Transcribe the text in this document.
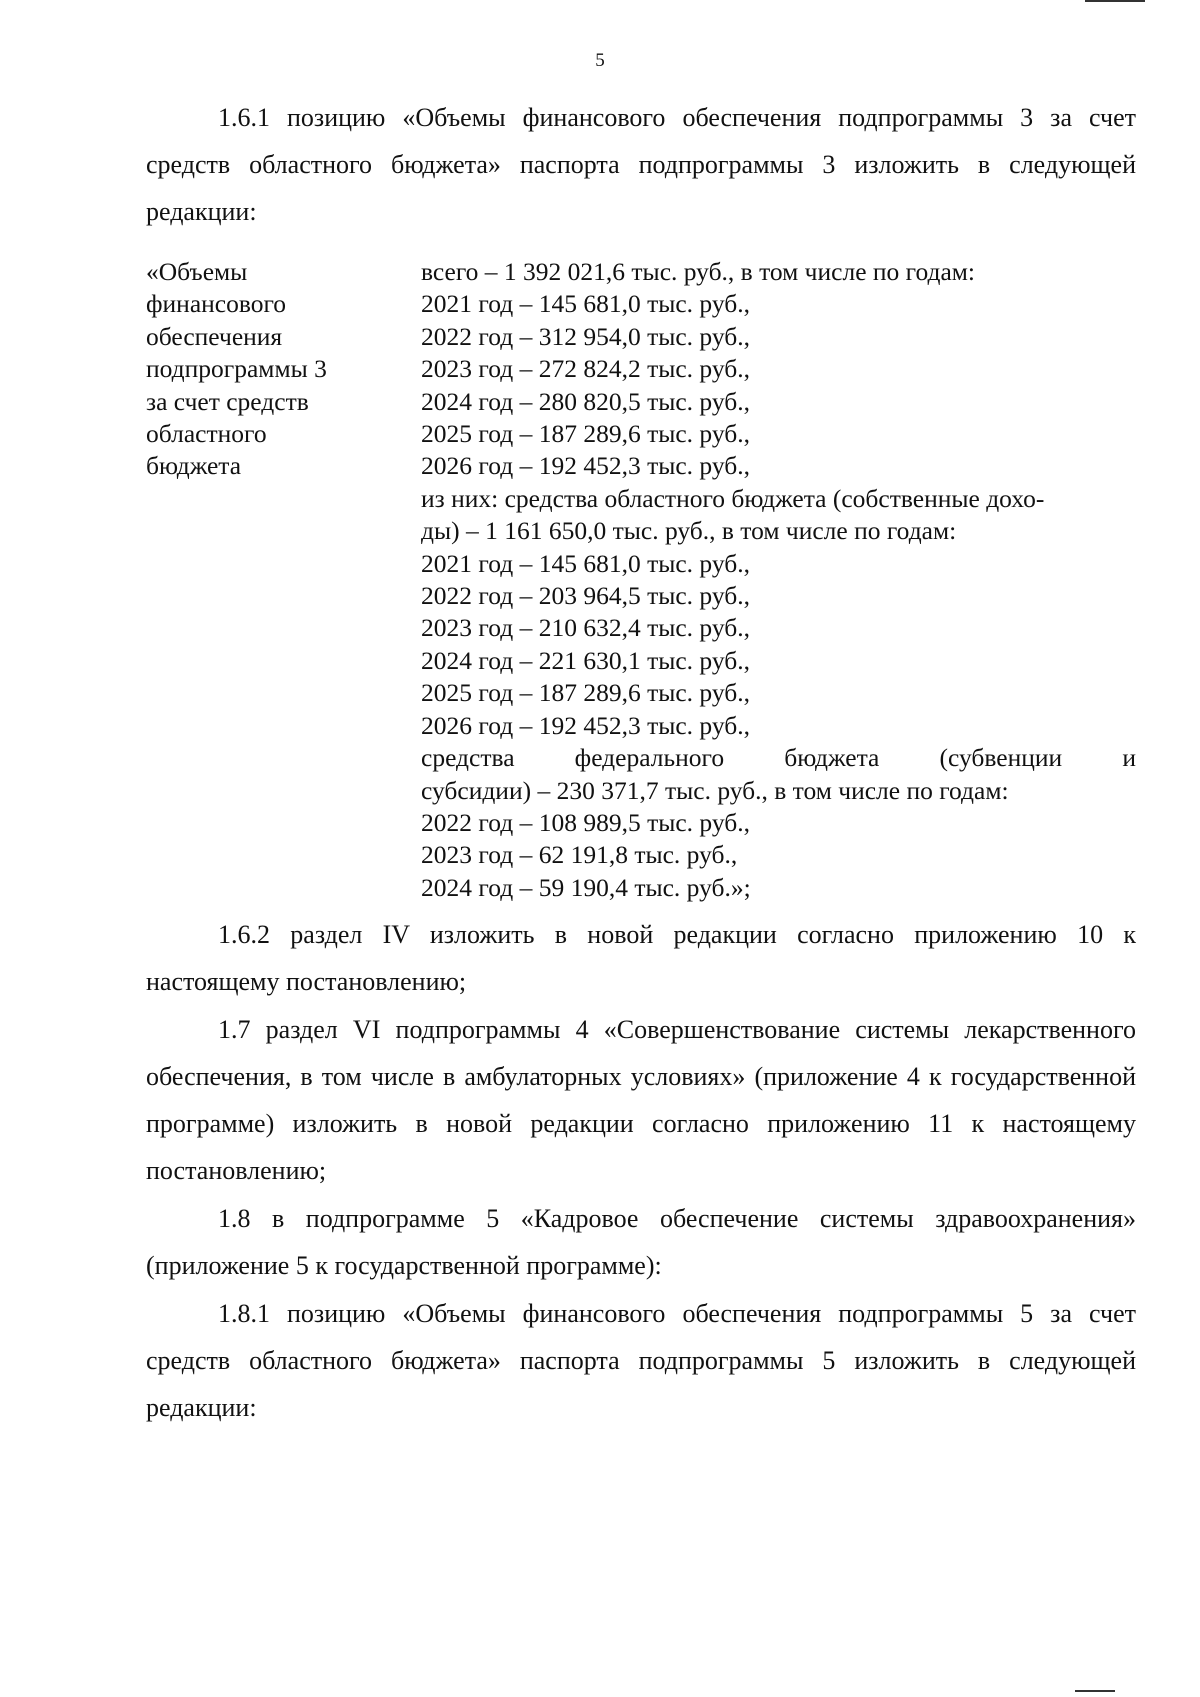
5

1.6.1 позицию «Объемы финансового обеспечения подпрограммы 3 за счет средств областного бюджета» паспорта подпрограммы 3 изложить в следующей редакции:

«Объемы
финансового
обеспечения
подпрограммы 3
за счет средств
областного
бюджета
всего – 1 392 021,6 тыс. руб., в том числе по годам:
2021 год – 145 681,0 тыс. руб.,
2022 год – 312 954,0 тыс. руб.,
2023 год – 272 824,2 тыс. руб.,
2024 год – 280 820,5 тыс. руб.,
2025 год – 187 289,6 тыс. руб.,
2026 год – 192 452,3 тыс. руб.,
из них: средства областного бюджета (собственные дохо-
ды) – 1 161 650,0 тыс. руб., в том числе по годам:
2021 год – 145 681,0 тыс. руб.,
2022 год – 203 964,5 тыс. руб.,
2023 год – 210 632,4 тыс. руб.,
2024 год – 221 630,1 тыс. руб.,
2025 год – 187 289,6 тыс. руб.,
2026 год – 192 452,3 тыс. руб.,
средства федерального бюджета (субвенции и
субсидии) – 230 371,7 тыс. руб., в том числе по годам:
2022 год – 108 989,5 тыс. руб.,
2023 год – 62 191,8 тыс. руб.,
2024 год – 59 190,4 тыс. руб.»;

1.6.2 раздел IV изложить в новой редакции согласно приложению 10 к настоящему постановлению;

1.7 раздел VI подпрограммы 4 «Совершенствование системы лекарственного обеспечения, в том числе в амбулаторных условиях» (приложение 4 к государственной программе) изложить в новой редакции согласно приложению 11 к настоящему постановлению;

1.8 в подпрограмме 5 «Кадровое обеспечение системы здравоохранения» (приложение 5 к государственной программе):

1.8.1 позицию «Объемы финансового обеспечения подпрограммы 5 за счет средств областного бюджета» паспорта подпрограммы 5 изложить в следующей редакции:
